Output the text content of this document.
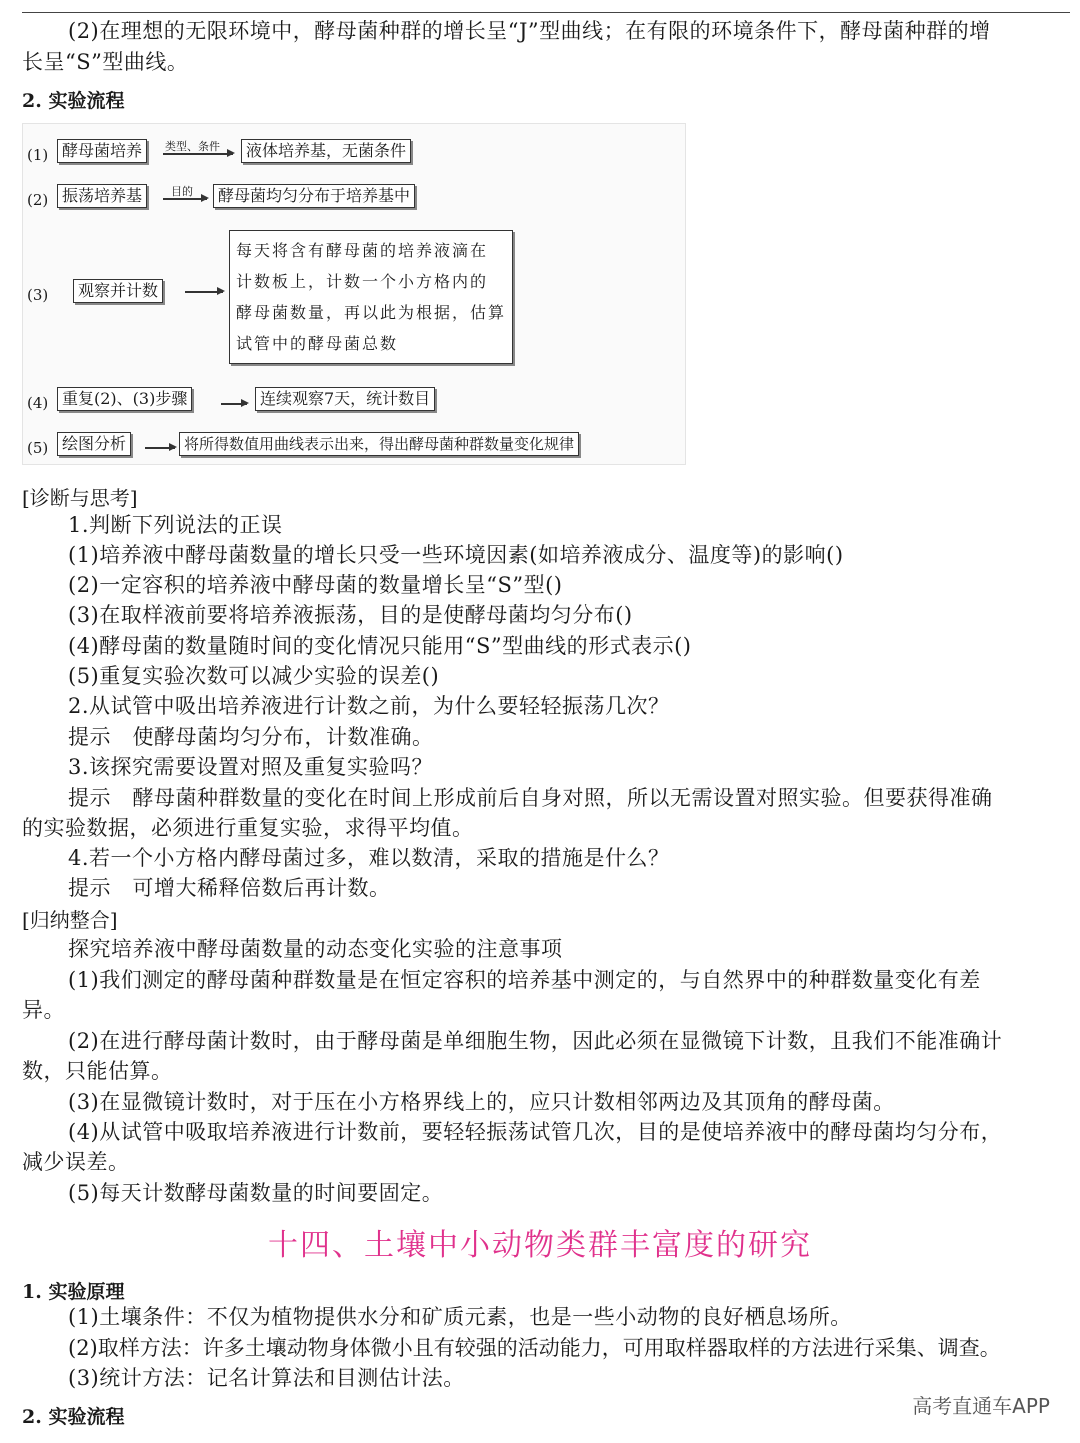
(2)在理想的无限环境中，酵母菌种群的增长呈“J”型曲线；在有限的环境条件下，酵母菌种群的增
长呈“S”型曲线。
2. 实验流程
(1) 酵母菌培养	类型、条件	液体培养基，无菌条件
(2) 振荡培养基	目的	酵母菌均匀分布于培养基中
(3)	观察并计数
每天将含有酵母菌的培养液滴在
计数板上，计数一个小方格内的
酵母菌数量，再以此为根据，估算
试管中的酵母菌总数
(4) 重复(2)、(3)步骤	连续观察7天，统计数目
(5) 绘图分析	将所得数值用曲线表示出来，得出酵母菌种群数量变化规律
[诊断与思考]
1.判断下列说法的正误
(1)培养液中酵母菌数量的增长只受一些环境因素(如培养液成分、温度等)的影响()
(2)一定容积的培养液中酵母菌的数量增长呈“S”型()
(3)在取样液前要将培养液振荡，目的是使酵母菌均匀分布()
(4)酵母菌的数量随时间的变化情况只能用“S”型曲线的形式表示()
(5)重复实验次数可以减少实验的误差()
2.从试管中吸出培养液进行计数之前，为什么要轻轻振荡几次？
提示　使酵母菌均匀分布，计数准确。
3.该探究需要设置对照及重复实验吗？
提示　酵母菌种群数量的变化在时间上形成前后自身对照，所以无需设置对照实验。但要获得准确
的实验数据，必须进行重复实验，求得平均值。
4.若一个小方格内酵母菌过多，难以数清，采取的措施是什么？
提示　可增大稀释倍数后再计数。
[归纳整合]
探究培养液中酵母菌数量的动态变化实验的注意事项
(1)我们测定的酵母菌种群数量是在恒定容积的培养基中测定的，与自然界中的种群数量变化有差
异。
(2)在进行酵母菌计数时，由于酵母菌是单细胞生物，因此必须在显微镜下计数，且我们不能准确计
数，只能估算。
(3)在显微镜计数时，对于压在小方格界线上的，应只计数相邻两边及其顶角的酵母菌。
(4)从试管中吸取培养液进行计数前，要轻轻振荡试管几次，目的是使培养液中的酵母菌均匀分布，
减少误差。
(5)每天计数酵母菌数量的时间要固定。
十四、土壤中小动物类群丰富度的研究
1. 实验原理
(1)土壤条件：不仅为植物提供水分和矿质元素，也是一些小动物的良好栖息场所。
(2)取样方法：许多土壤动物身体微小且有较强的活动能力，可用取样器取样的方法进行采集、调查。
(3)统计方法：记名计算法和目测估计法。
2. 实验流程	高考直通车APP
